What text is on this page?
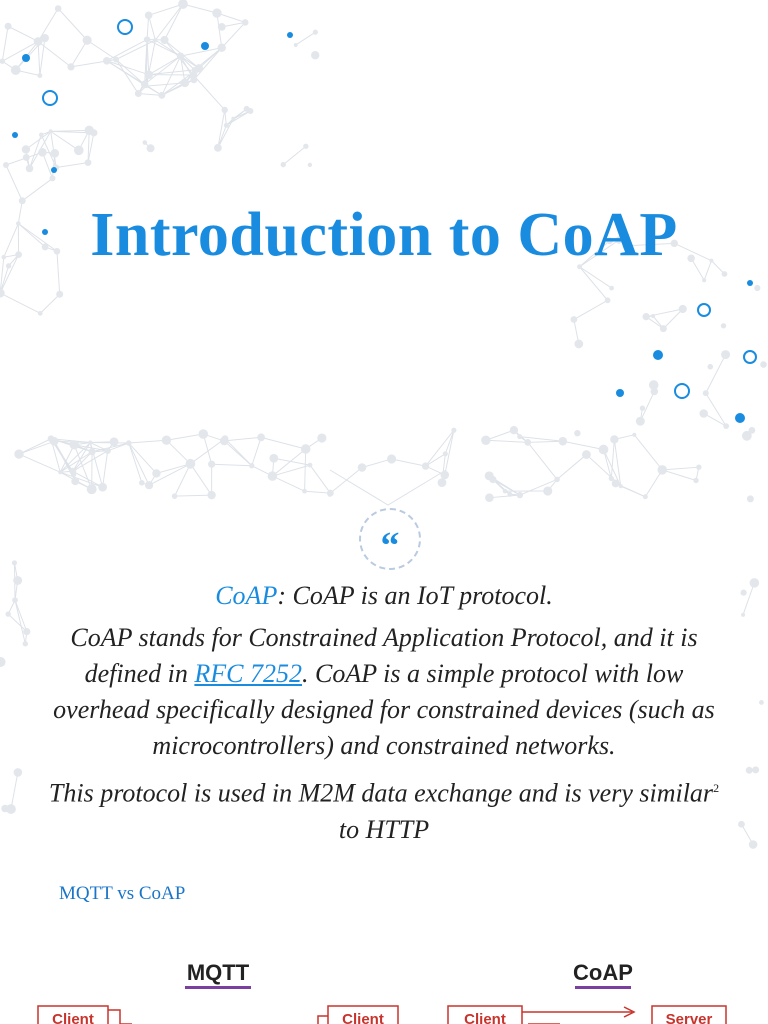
Introduction to CoAP
“

CoAP: CoAP is an IoT protocol.

CoAP stands for Constrained Application Protocol, and it is defined in RFC 7252. CoAP is a simple protocol with low overhead specifically designed for constrained devices (such as microcontrollers) and constrained networks.

This protocol is used in M2M data exchange and is very similar$^2$ to HTTP

MQTT vs CoAP

MQTT	CoAP
Client	Client	Client	Server
